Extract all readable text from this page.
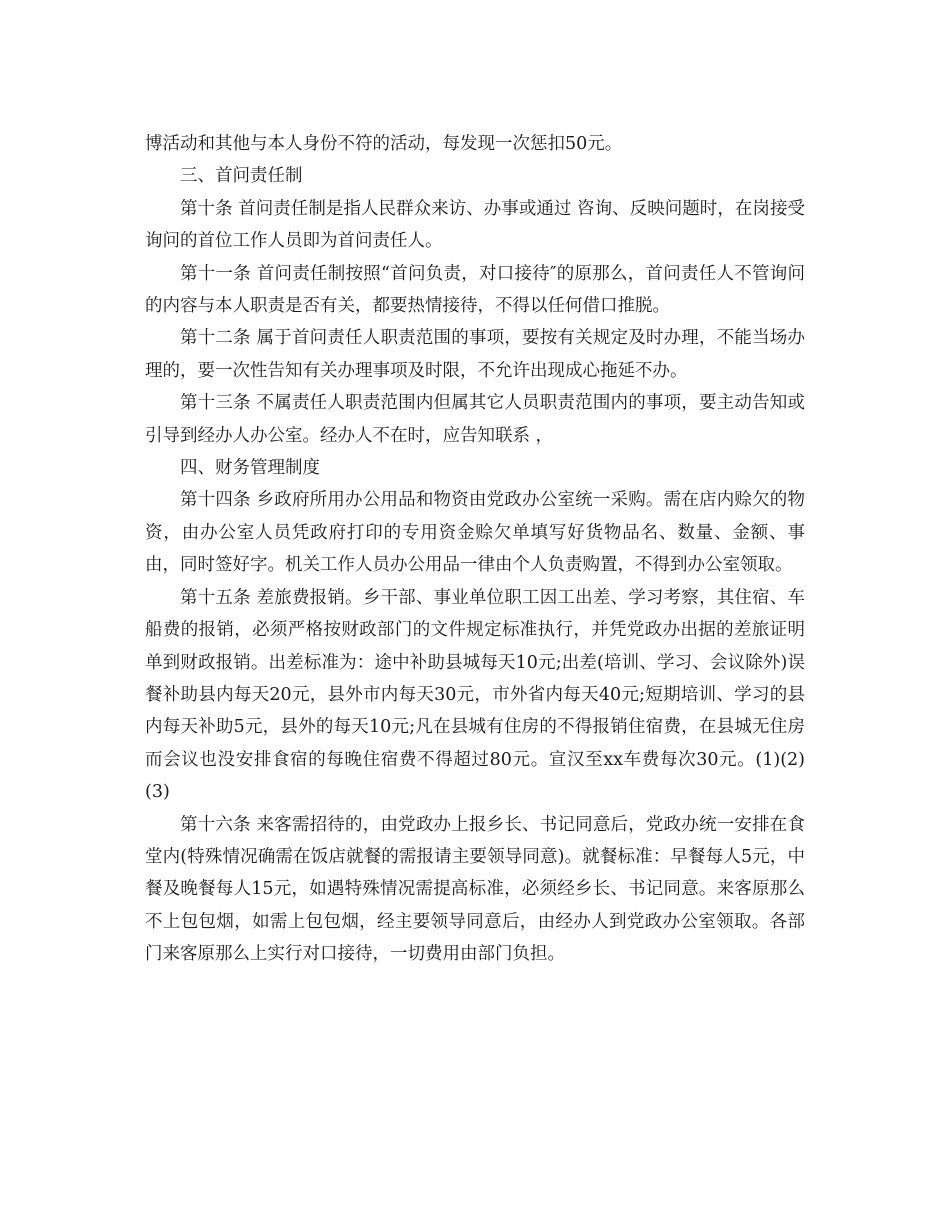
博活动和其他与本人身份不符的活动，每发现一次惩扣50元。

三、首问责任制

第十条 首问责任制是指人民群众来访、办事或通过 咨询、反映问题时，在岗接受询问的首位工作人员即为首问责任人。

第十一条 首问责任制按照“首问负责，对口接待″的原那么，首问责任人不管询问的内容与本人职责是否有关，都要热情接待，不得以任何借口推脱。

第十二条 属于首问责任人职责范围的事项，要按有关规定及时办理，不能当场办理的，要一次性告知有关办理事项及时限，不允许出现成心拖延不办。

第十三条 不属责任人职责范围内但属其它人员职责范围内的事项，要主动告知或引导到经办人办公室。经办人不在时，应告知联系 ，

四、财务管理制度

第十四条 乡政府所用办公用品和物资由党政办公室统一采购。需在店内赊欠的物资，由办公室人员凭政府打印的专用资金赊欠单填写好货物品名、数量、金额、事由，同时签好字。机关工作人员办公用品一律由个人负责购置，不得到办公室领取。

第十五条 差旅费报销。乡干部、事业单位职工因工出差、学习考察，其住宿、车船费的报销，必须严格按财政部门的文件规定标准执行，并凭党政办出据的差旅证明单到财政报销。出差标准为：途中补助县城每天10元;出差(培训、学习、会议除外)误餐补助县内每天20元，县外市内每天30元，市外省内每天40元;短期培训、学习的县内每天补助5元，县外的每天10元;凡在县城有住房的不得报销住宿费，在县城无住房而会议也没安排食宿的每晚住宿费不得超过80元。宣汉至xx车费每次30元。(1)(2)(3)

第十六条 来客需招待的，由党政办上报乡长、书记同意后，党政办统一安排在食堂内(特殊情况确需在饭店就餐的需报请主要领导同意)。就餐标准：早餐每人5元，中餐及晚餐每人15元，如遇特殊情况需提高标准，必须经乡长、书记同意。来客原那么不上包包烟，如需上包包烟，经主要领导同意后，由经办人到党政办公室领取。各部门来客原那么上实行对口接待，一切费用由部门负担。
